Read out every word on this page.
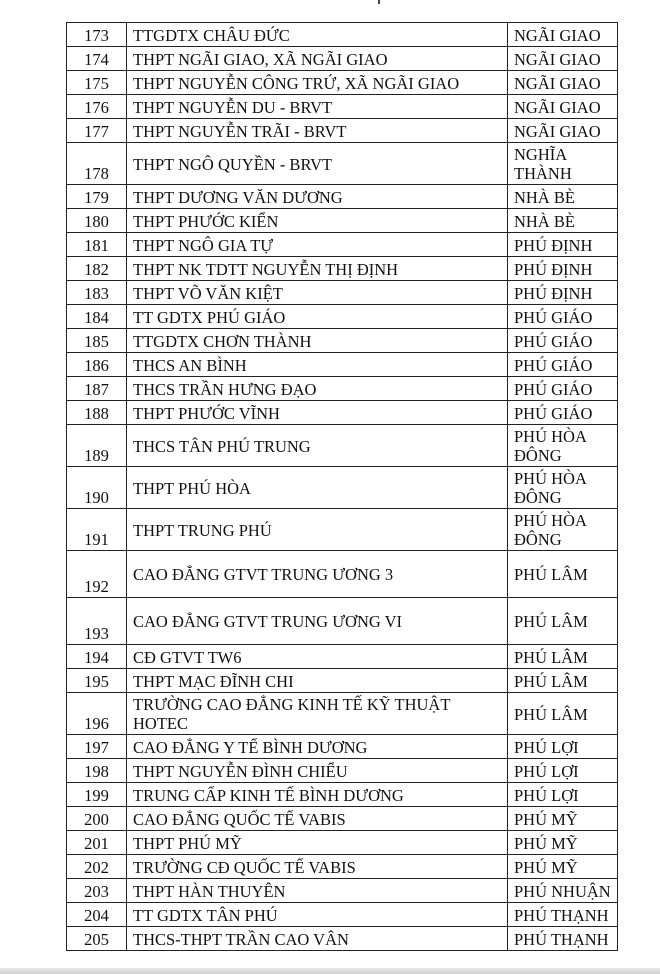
173	TTGDTX CHÂU ĐỨC	NGÃI GIAO
174	THPT NGÃI GIAO, XÃ NGÃI GIAO	NGÃI GIAO
175	THPT NGUYỄN CÔNG TRỨ, XÃ NGÃI GIAO	NGÃI GIAO
176	THPT NGUYỄN DU - BRVT	NGÃI GIAO
177	THPT NGUYỄN TRÃI - BRVT	NGÃI GIAO
178	THPT NGÔ QUYỀN - BRVT	NGHĨA THÀNH
179	THPT DƯƠNG VĂN DƯƠNG	NHÀ BÈ
180	THPT PHƯỚC KIỂN	NHÀ BÈ
181	THPT NGÔ GIA TỰ	PHÚ ĐỊNH
182	THPT NK TDTT NGUYỄN THỊ ĐỊNH	PHÚ ĐỊNH
183	THPT VÕ VĂN KIỆT	PHÚ ĐỊNH
184	TT GDTX PHÚ GIÁO	PHÚ GIÁO
185	TTGDTX CHƠN THÀNH	PHÚ GIÁO
186	THCS AN BÌNH	PHÚ GIÁO
187	THCS TRẦN HƯNG ĐẠO	PHÚ GIÁO
188	THPT PHƯỚC VĨNH	PHÚ GIÁO
189	THCS TÂN PHÚ TRUNG	PHÚ HÒA ĐÔNG
190	THPT PHÚ HÒA	PHÚ HÒA ĐÔNG
191	THPT TRUNG PHÚ	PHÚ HÒA ĐÔNG
192	CAO ĐẲNG GTVT TRUNG ƯƠNG 3	PHÚ LÂM
193	CAO ĐẲNG GTVT TRUNG ƯƠNG VI	PHÚ LÂM
194	CĐ GTVT TW6	PHÚ LÂM
195	THPT MẠC ĐĨNH CHI	PHÚ LÂM
196	TRƯỜNG CAO ĐẲNG KINH TẾ KỸ THUẬT HOTEC	PHÚ LÂM
197	CAO ĐẲNG Y TẾ BÌNH DƯƠNG	PHÚ LỢI
198	THPT NGUYỄN ĐÌNH CHIỂU	PHÚ LỢI
199	TRUNG CẤP KINH TẾ BÌNH DƯƠNG	PHÚ LỢI
200	CAO ĐẲNG QUỐC TẾ VABIS	PHÚ MỸ
201	THPT PHÚ MỸ	PHÚ MỸ
202	TRƯỜNG CĐ QUỐC TẾ VABIS	PHÚ MỸ
203	THPT HÀN THUYÊN	PHÚ NHUẬN
204	TT GDTX TÂN PHÚ	PHÚ THẠNH
205	THCS-THPT TRẦN CAO VÂN	PHÚ THẠNH
